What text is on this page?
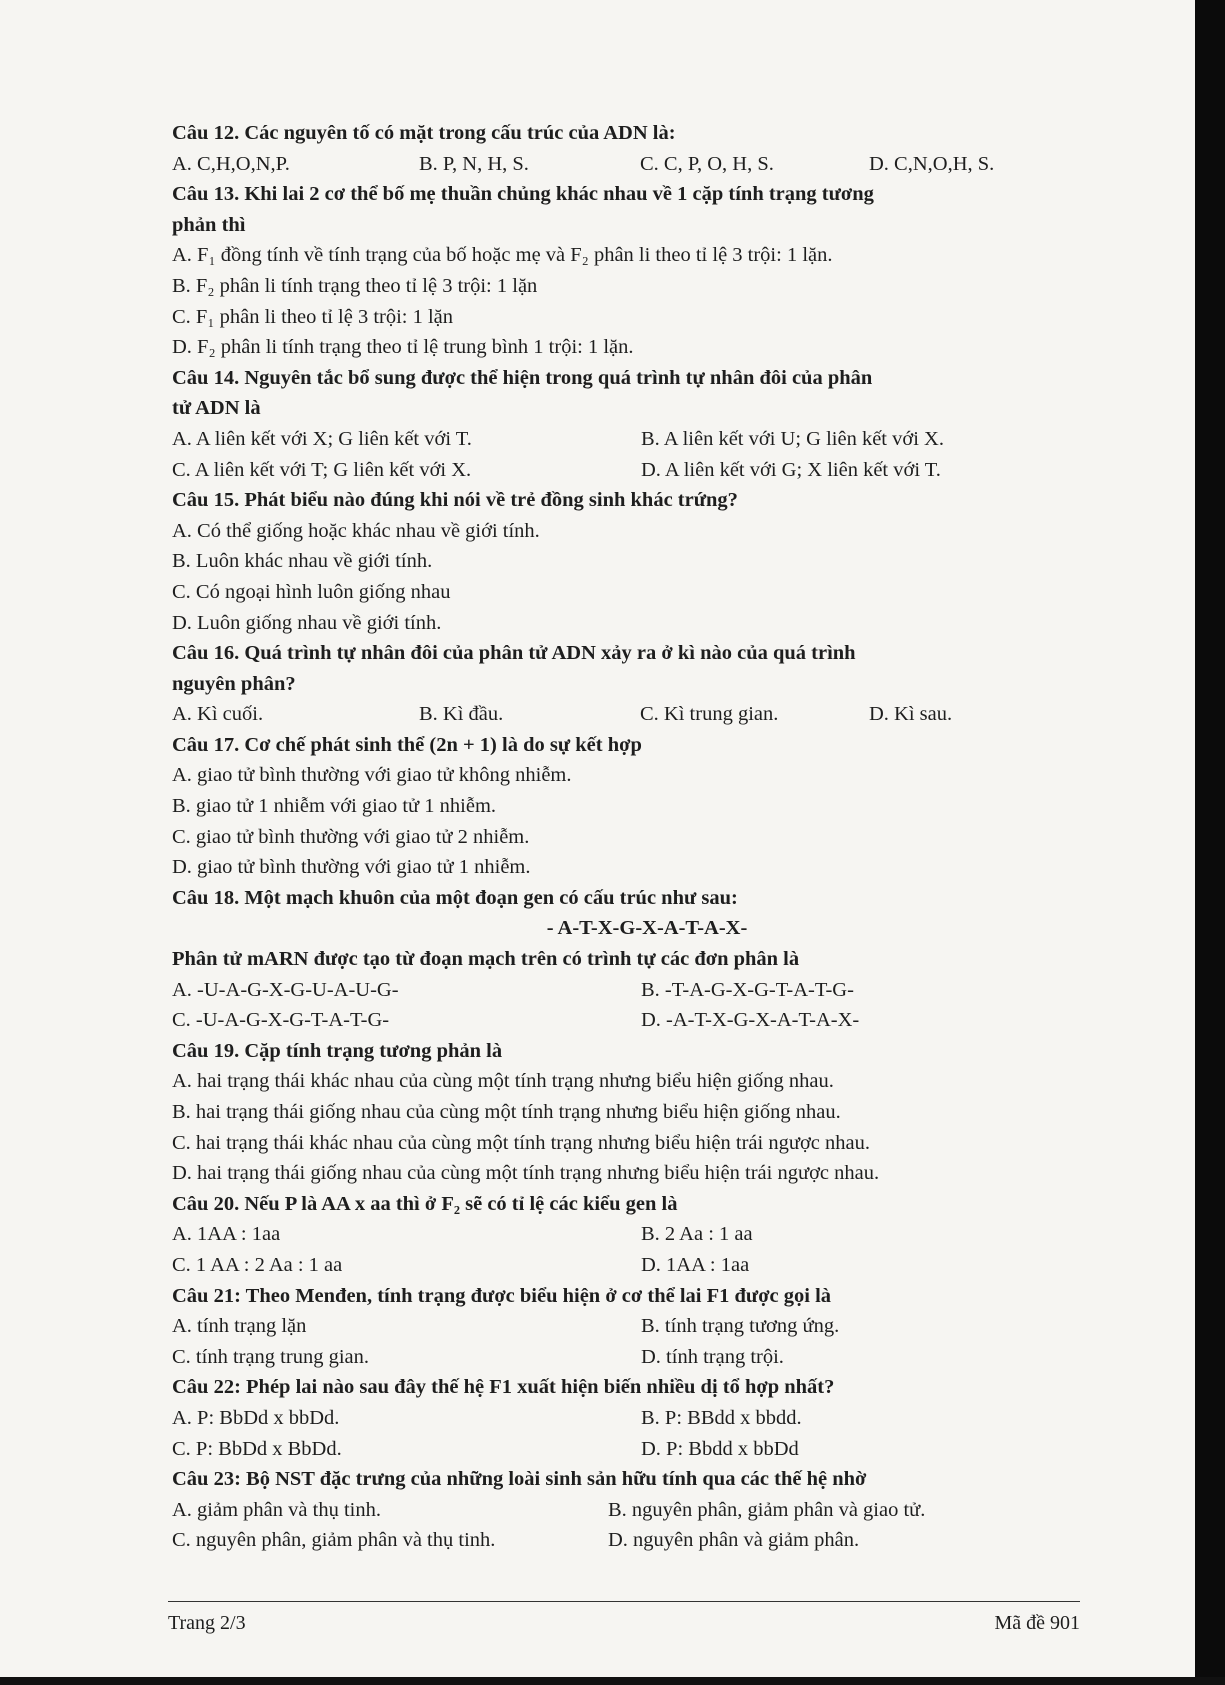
Câu 12. Các nguyên tố có mặt trong cấu trúc của ADN là:
A. C,H,O,N,P.	B. P, N, H, S.	C. C, P, O, H, S.	D. C,N,O,H, S.
Câu 13. Khi lai 2 cơ thể bố mẹ thuần chủng khác nhau về 1 cặp tính trạng tương
phản thì
A. F₁ đồng tính về tính trạng của bố hoặc mẹ và F₂ phân li theo tỉ lệ 3 trội: 1 lặn.
B. F₂ phân li tính trạng theo tỉ lệ 3 trội: 1 lặn
C. F₁ phân li theo tỉ lệ 3 trội: 1 lặn
D. F₂ phân li tính trạng theo tỉ lệ trung bình 1 trội: 1 lặn.
Câu 14. Nguyên tắc bổ sung được thể hiện trong quá trình tự nhân đôi của phân
tử ADN là
A. A liên kết với X; G liên kết với T.	B. A liên kết với U; G liên kết với X.
C. A liên kết với T; G liên kết với X.	D. A liên kết với G; X liên kết với T.
Câu 15. Phát biểu nào đúng khi nói về trẻ đồng sinh khác trứng?
A. Có thể giống hoặc khác nhau về giới tính.
B. Luôn khác nhau về giới tính.
C. Có ngoại hình luôn giống nhau
D. Luôn giống nhau về giới tính.
Câu 16. Quá trình tự nhân đôi của phân tử ADN xảy ra ở kì nào của quá trình
nguyên phân?
A. Kì cuối.	B. Kì đầu.	C. Kì trung gian.	D. Kì sau.
Câu 17. Cơ chế phát sinh thể (2n + 1) là do sự kết hợp
A. giao tử bình thường với giao tử không nhiễm.
B. giao tử 1 nhiễm với giao tử 1 nhiễm.
C. giao tử bình thường với giao tử 2 nhiễm.
D. giao tử bình thường với giao tử 1 nhiễm.
Câu 18. Một mạch khuôn của một đoạn gen có cấu trúc như sau:
- A-T-X-G-X-A-T-A-X-
Phân tử mARN được tạo từ đoạn mạch trên có trình tự các đơn phân là
A. -U-A-G-X-G-U-A-U-G-	B. -T-A-G-X-G-T-A-T-G-
C. -U-A-G-X-G-T-A-T-G-	D. -A-T-X-G-X-A-T-A-X-
Câu 19. Cặp tính trạng tương phản là
A. hai trạng thái khác nhau của cùng một tính trạng nhưng biểu hiện giống nhau.
B. hai trạng thái giống nhau của cùng một tính trạng nhưng biểu hiện giống nhau.
C. hai trạng thái khác nhau của cùng một tính trạng nhưng biểu hiện trái ngược nhau.
D. hai trạng thái giống nhau của cùng một tính trạng nhưng biểu hiện trái ngược nhau.
Câu 20. Nếu P là AA x aa thì ở F₂ sẽ có tỉ lệ các kiểu gen là
A. 1AA : 1aa	B. 2 Aa : 1 aa
C. 1 AA : 2 Aa : 1 aa	D. 1AA : 1aa
Câu 21: Theo Menđen, tính trạng được biểu hiện ở cơ thể lai F1 được gọi là
A. tính trạng lặn	B. tính trạng tương ứng.
C. tính trạng trung gian.	D. tính trạng trội.
Câu 22: Phép lai nào sau đây thế hệ F1 xuất hiện biến nhiều dị tổ hợp nhất?
A. P: BbDd x bbDd.	B. P: BBdd x bbdd.
C. P: BbDd x BbDd.	D. P: Bbdd x bbDd
Câu 23: Bộ NST đặc trưng của những loài sinh sản hữu tính qua các thế hệ nhờ
A. giảm phân và thụ tinh.	B. nguyên phân, giảm phân và giao tử.
C. nguyên phân, giảm phân và thụ tinh.	D. nguyên phân và giảm phân.
Trang 2/3	Mã đề 901
